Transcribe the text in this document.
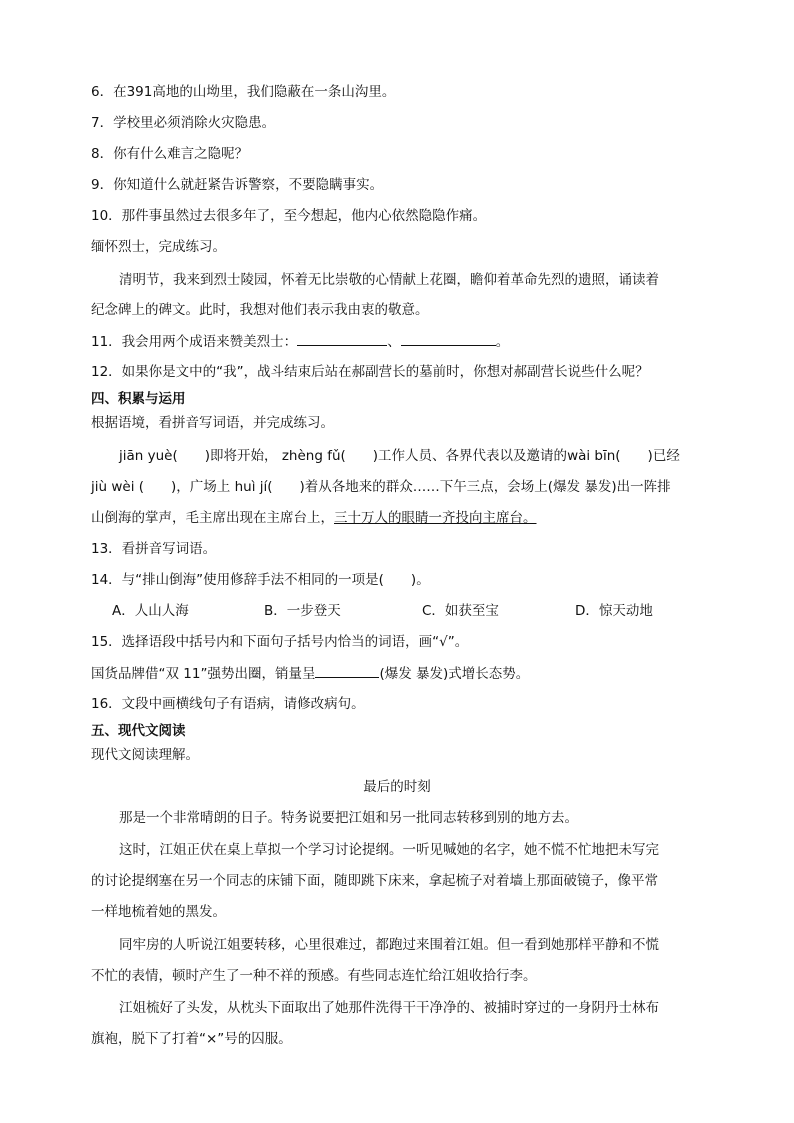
6．在391高地的山坳里，我们隐蔽在一条山沟里。
7．学校里必须消除火灾隐患。
8．你有什么难言之隐呢？
9．你知道什么就赶紧告诉警察，不要隐瞒事实。
10．那件事虽然过去很多年了，至今想起，他内心依然隐隐作痛。
缅怀烈士，完成练习。
清明节，我来到烈士陵园，怀着无比崇敬的心情献上花圈，瞻仰着革命先烈的遗照，诵读着
纪念碑上的碑文。此时，我想对他们表示我由衷的敬意。
11．我会用两个成语来赞美烈士：	、	。
12．如果你是文中的“我”，战斗结束后站在郝副营长的墓前时，你想对郝副营长说些什么呢？
四、积累与运用
根据语境，看拼音写词语，并完成练习。
jiān yuè(　　)即将开始， zhèng fǔ(　　)工作人员、各界代表以及邀请的wài bīn(　　)已经
jiù wèi (　　)，广场上 huì jí(　　)着从各地来的群众……下午三点，会场上(爆发 暴发)出一阵排
山倒海的掌声，毛主席出现在主席台上，三十万人的眼睛一齐投向主席台。
13．看拼音写词语。
14．与“排山倒海”使用修辞手法不相同的一项是(　　)。
A．人山人海	B．一步登天	C．如获至宝	D．惊天动地
15．选择语段中括号内和下面句子括号内恰当的词语，画“√”。
国货品牌借“双 11”强势出圈，销量呈	(爆发 暴发)式增长态势。
16．文段中画横线句子有语病，请修改病句。
五、现代文阅读
现代文阅读理解。
最后的时刻
那是一个非常晴朗的日子。特务说要把江姐和另一批同志转移到别的地方去。
这时，江姐正伏在桌上草拟一个学习讨论提纲。一听见喊她的名字，她不慌不忙地把未写完
的讨论提纲塞在另一个同志的床铺下面，随即跳下床来，拿起梳子对着墙上那面破镜子，像平常
一样地梳着她的黑发。
同牢房的人听说江姐要转移，心里很难过，都跑过来围着江姐。但一看到她那样平静和不慌
不忙的表情，顿时产生了一种不祥的预感。有些同志连忙给江姐收拾行李。
江姐梳好了头发，从枕头下面取出了她那件洗得干干净净的、被捕时穿过的一身阴丹士林布
旗袍，脱下了打着“×”号的囚服。
